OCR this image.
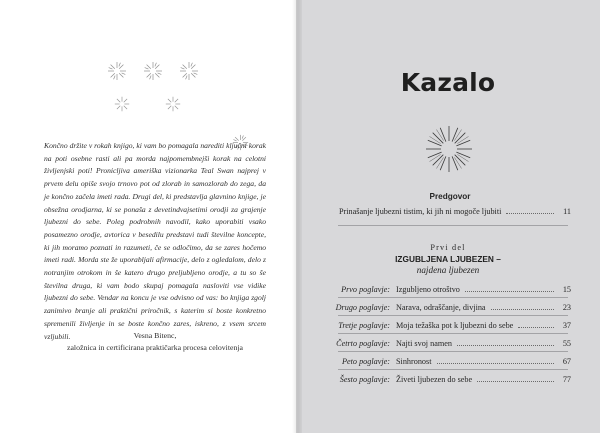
Končno držite v rokah knjigo, ki vam bo pomagala narediti ključni korak na poti osebne rasti ali pa morda najpomembnejši korak na celotni življenjski poti! Pronicljiva ameriška vizionarka Teal Swan najprej v prvem delu opiše svojo trnovo pot od zlorab in samozlorab do zega, da je končno začela imeti rada. Drugi del, ki predstavlja glavnino knjige, je obsežna orodjarna, ki se ponaša z devetindvajsetimi orodji za grajenje ljubezni do sebe. Poleg podrobnih navodil, kako uporabiti vsako posamezno orodje, avtorica v besedilu predstavi tudi številne koncepte, ki jih moramo poznati in razumeti, če se odločimo, da se zares hočemo imeti radi. Morda ste že uporabljali afirmacije, delo z ogledalom, delo z notranjim otrokom in še katero drugo preljubljeno orodje, a tu so še številna druga, ki vam bodo skupaj pomagala nasloviti vse vidike ljubezni do sebe. Vendar na koncu je vse odvisno od vas: bo knjiga zgolj zanimivo branje ali praktični priročnik, s katerim si boste konkretno spremenili življenje in se boste končno zares, iskreno, z vsem srcem vzljubili.	Vesna Bitenc,
založnica in certificirana praktičarka procesa celovitenja

Kazalo

Predgovor

Prinašanje ljubezni tistim, ki jih ni mogoče ljubiti	11

Prvi del

IZGUBLJENA LJUBEZEN –

najdena ljubezen

Prvo poglavje: Izgubljeno otroštvo	15
Drugo poglavje: Narava, odraščanje, divjina	23
Tretje poglavje: Moja težaška pot k ljubezni do sebe	37
Četrto poglavje: Najti svoj namen	55
Peto poglavje: Sinhronost	67
Šesto poglavje: Živeti ljubezen do sebe	77
